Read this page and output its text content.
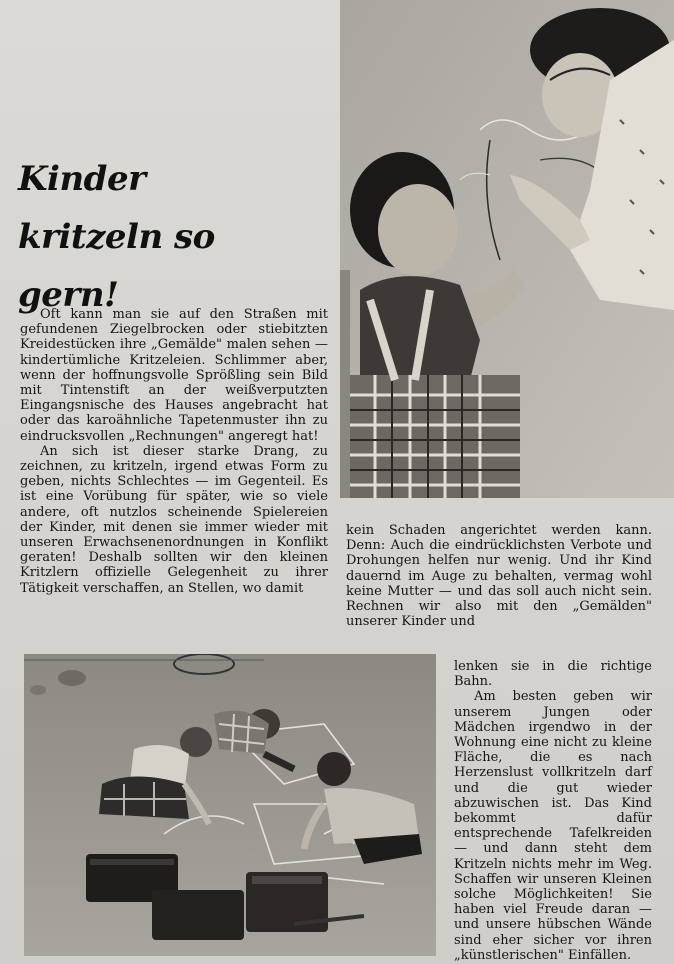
Kinder
kritzeln so gern!

Oft kann man sie auf den Straßen mit gefundenen Ziegelbrocken oder stiebitzten Kreidestücken ihre „Gemälde" malen sehen — kindertümliche Kritzeleien. Schlimmer aber, wenn der hoffnungsvolle Sprößling sein Bild mit Tintenstift an der weißverputzten Eingangsnische des Hauses angebracht hat oder das karoähnliche Tapetenmuster ihn zu eindrucksvollen „Rechnungen" angeregt hat!

An sich ist dieser starke Drang, zu zeichnen, zu kritzeln, irgend etwas Form zu geben, nichts Schlechtes — im Gegenteil. Es ist eine Vorübung für später, wie so viele andere, oft nutzlos scheinende Spielereien der Kinder, mit denen sie immer wieder mit unseren Erwachsenenordnungen in Konflikt geraten! Deshalb sollten wir den kleinen Kritzlern offizielle Gelegenheit zu ihrer Tätigkeit verschaffen, an Stellen, wo damit

kein Schaden angerichtet werden kann. Denn: Auch die eindrücklichsten Verbote und Drohungen helfen nur wenig. Und ihr Kind dauernd im Auge zu behalten, vermag wohl keine Mutter — und das soll auch nicht sein. Rechnen wir also mit den „Gemälden" unserer Kinder und

lenken sie in die richtige Bahn.

Am besten geben wir unserem Jungen oder Mädchen irgendwo in der Wohnung eine nicht zu kleine Fläche, die es nach Herzenslust vollkritzeln darf und die gut wieder abzuwischen ist. Das Kind bekommt dafür entsprechende Tafelkreiden — und dann steht dem Kritzeln nichts mehr im Weg. Schaffen wir unseren Kleinen solche Möglichkeiten! Sie haben viel Freude daran — und unsere hübschen Wände sind eher sicher vor ihren „künstlerischen" Einfällen.
